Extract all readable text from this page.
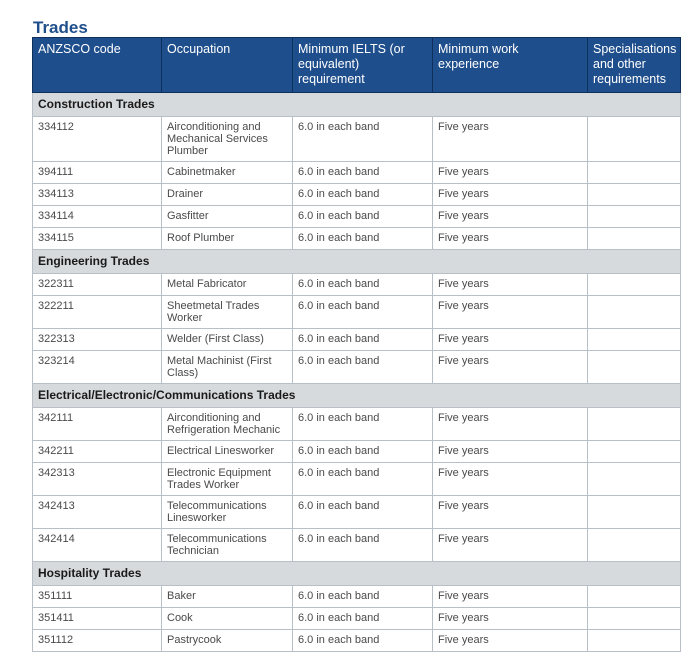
Trades
ANZSCO code	Occupation	Minimum IELTS (or equivalent) requirement	Minimum work experience	Specialisations and other requirements
Construction Trades				
334112	Airconditioning and Mechanical Services Plumber	6.0 in each band	Five years	
394111	Cabinetmaker	6.0 in each band	Five years	
334113	Drainer	6.0 in each band	Five years	
334114	Gasfitter	6.0 in each band	Five years	
334115	Roof Plumber	6.0 in each band	Five years	
Engineering Trades				
322311	Metal Fabricator	6.0 in each band	Five years	
322211	Sheetmetal Trades Worker	6.0 in each band	Five years	
322313	Welder (First Class)	6.0 in each band	Five years	
323214	Metal Machinist (First Class)	6.0 in each band	Five years	
Electrical/Electronic/Communications Trades				
342111	Airconditioning and Refrigeration Mechanic	6.0 in each band	Five years	
342211	Electrical Linesworker	6.0 in each band	Five years	
342313	Electronic Equipment Trades Worker	6.0 in each band	Five years	
342413	Telecommunications Linesworker	6.0 in each band	Five years	
342414	Telecommunications Technician	6.0 in each band	Five years	
Hospitality Trades				
351111	Baker	6.0 in each band	Five years	
351411	Cook	6.0 in each band	Five years	
351112	Pastrycook	6.0 in each band	Five years	
